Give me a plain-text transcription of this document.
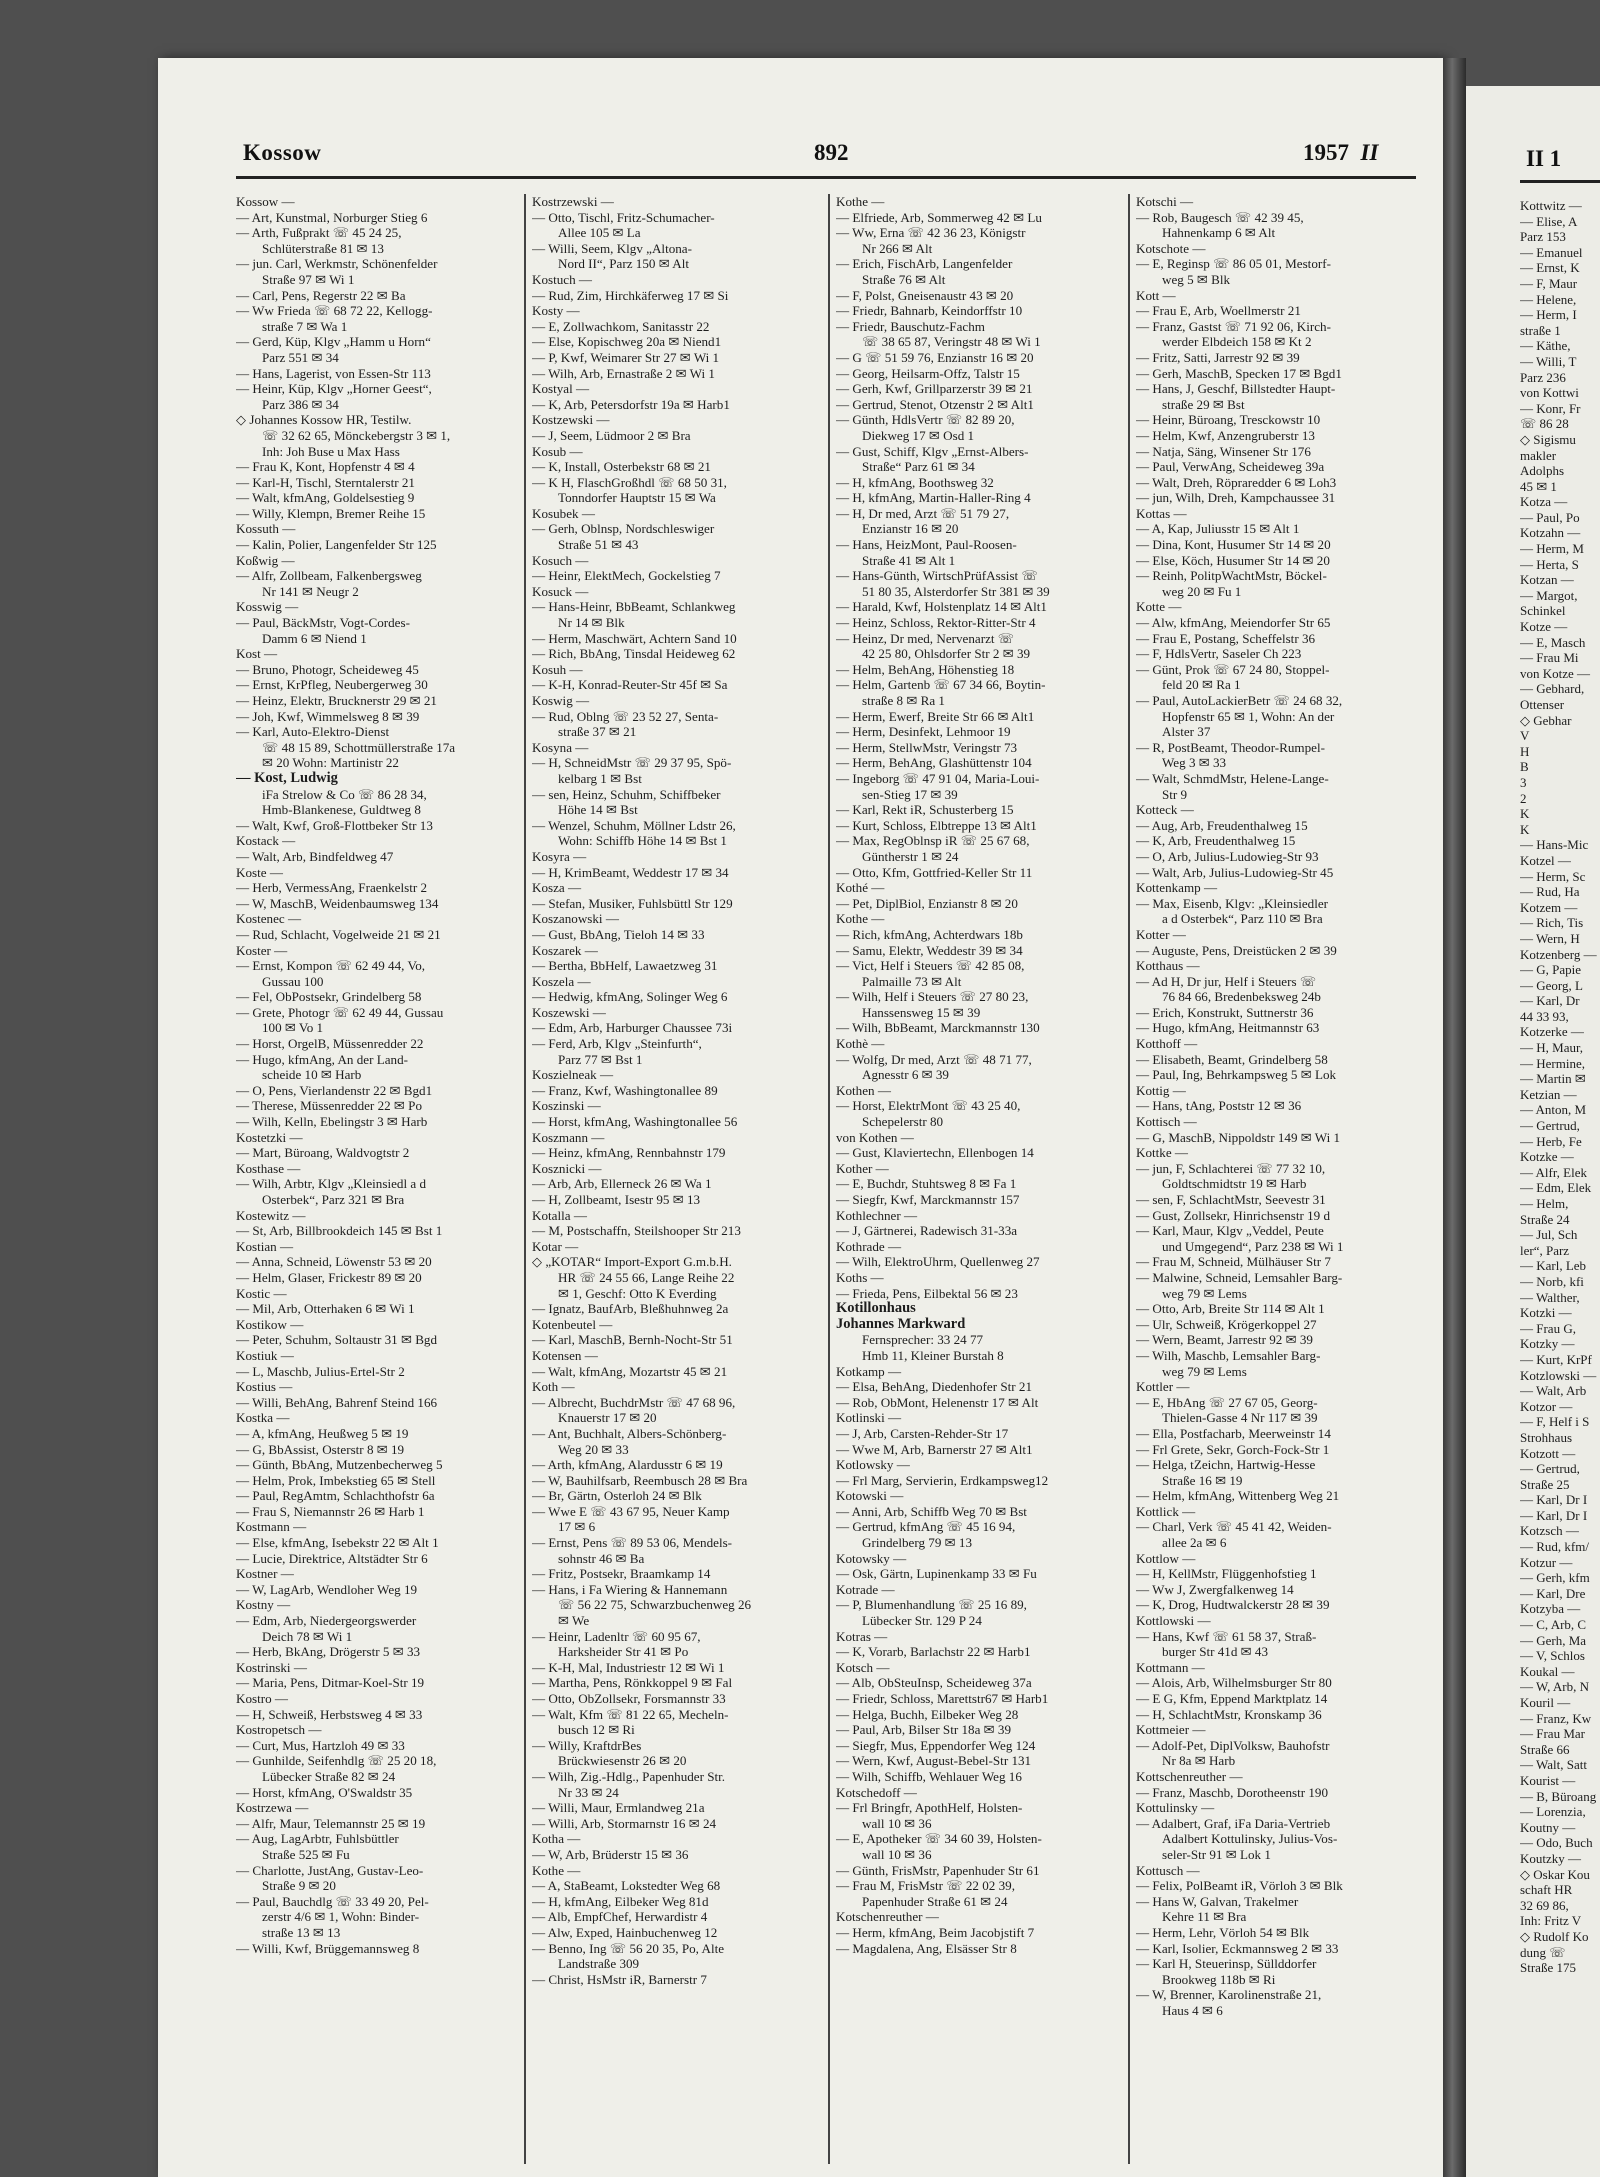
Kossow	892	1957 II
Kossow —
— Art, Kunstmal, Norburger Stieg 6
— Arth, Fußprakt ☏ 45 24 25,
Schlüterstraße 81 ✉ 13
— jun. Carl, Werkmstr, Schönenfelder
Straße 97 ✉ Wi 1
— Carl, Pens, Regerstr 22 ✉ Ba
— Ww Frieda ☏ 68 72 22, Kellogg-
straße 7 ✉ Wa 1
— Gerd, Küp, Klgv „Hamm u Horn“
Parz 551 ✉ 34
— Hans, Lagerist, von Essen-Str 113
— Heinr, Küp, Klgv „Horner Geest“,
Parz 386 ✉ 34
◇ Johannes Kossow HR, Testilw.
☏ 32 62 65, Mönckebergstr 3 ✉ 1,
Inh: Joh Buse u Max Hass
— Frau K, Kont, Hopfenstr 4 ✉ 4
— Karl-H, Tischl, Sterntalerstr 21
— Walt, kfmAng, Goldelsestieg 9
— Willy, Klempn, Bremer Reihe 15
Kossuth —
— Kalin, Polier, Langenfelder Str 125
Koßwig —
— Alfr, Zollbeam, Falkenbergsweg
Nr 141 ✉ Neugr 2
Kosswig —
— Paul, BäckMstr, Vogt-Cordes-
Damm 6 ✉ Niend 1
Kost —
— Bruno, Photogr, Scheideweg 45
— Ernst, KrPfleg, Neubergerweg 30
— Heinz, Elektr, Brucknerstr 29 ✉ 21
— Joh, Kwf, Wimmelsweg 8 ✉ 39
— Karl, Auto-Elektro-Dienst
☏ 48 15 89, Schottmüllerstraße 17a
✉ 20 Wohn: Martinistr 22
— Kost, Ludwig
iFa Strelow & Co ☏ 86 28 34,
Hmb-Blankenese, Guldtweg 8
— Walt, Kwf, Groß-Flottbeker Str 13
Kostack —
— Walt, Arb, Bindfeldweg 47
Koste —
— Herb, VermessAng, Fraenkelstr 2
— W, MaschB, Weidenbaumsweg 134
Kostenec —
— Rud, Schlacht, Vogelweide 21 ✉ 21
Koster —
— Ernst, Kompon ☏ 62 49 44, Vo,
Gussau 100
— Fel, ObPostsekr, Grindelberg 58
— Grete, Photogr ☏ 62 49 44, Gussau
100 ✉ Vo 1
— Horst, OrgelB, Müssenredder 22
— Hugo, kfmAng, An der Land-
scheide 10 ✉ Harb
— O, Pens, Vierlandenstr 22 ✉ Bgd1
— Therese, Müssenredder 22 ✉ Po
— Wilh, Kelln, Ebelingstr 3 ✉ Harb
Kostetzki —
— Mart, Büroang, Waldvogtstr 2
Kosthase —
— Wilh, Arbtr, Klgv „Kleinsiedl a d
Osterbek“, Parz 321 ✉ Bra
Kostewitz —
— St, Arb, Billbrookdeich 145 ✉ Bst 1
Kostian —
— Anna, Schneid, Löwenstr 53 ✉ 20
— Helm, Glaser, Frickestr 89 ✉ 20
Kostic —
— Mil, Arb, Otterhaken 6 ✉ Wi 1
Kostikow —
— Peter, Schuhm, Soltaustr 31 ✉ Bgd
Kostiuk —
— L, Maschb, Julius-Ertel-Str 2
Kostius —
— Willi, BehAng, Bahrenf Steind 166
Kostka —
— A, kfmAng, Heußweg 5 ✉ 19
— G, BbAssist, Osterstr 8 ✉ 19
— Günth, BbAng, Mutzenbecherweg 5
— Helm, Prok, Imbekstieg 65 ✉ Stell
— Paul, RegAmtm, Schlachthofstr 6a
— Frau S, Niemannstr 26 ✉ Harb 1
Kostmann —
— Else, kfmAng, Isebekstr 22 ✉ Alt 1
— Lucie, Direktrice, Altstädter Str 6
Kostner —
— W, LagArb, Wendloher Weg 19
Kostny —
— Edm, Arb, Niedergeorgswerder
Deich 78 ✉ Wi 1
— Herb, BkAng, Drögerstr 5 ✉ 33
Kostrinski —
— Maria, Pens, Ditmar-Koel-Str 19
Kostro —
— H, Schweiß, Herbstsweg 4 ✉ 33
Kostropetsch —
— Curt, Mus, Hartzloh 49 ✉ 33
— Gunhilde, Seifenhdlg ☏ 25 20 18,
Lübecker Straße 82 ✉ 24
— Horst, kfmAng, O'Swaldstr 35
Kostrzewa —
— Alfr, Maur, Telemannstr 25 ✉ 19
— Aug, LagArbtr, Fuhlsbüttler
Straße 525 ✉ Fu
— Charlotte, JustAng, Gustav-Leo-
Straße 9 ✉ 20
— Paul, Bauchdlg ☏ 33 49 20, Pel-
zerstr 4/6 ✉ 1, Wohn: Binder-
straße 13 ✉ 13
— Willi, Kwf, Brüggemannsweg 8
Kostrzewski —
— Otto, Tischl, Fritz-Schumacher-
Allee 105 ✉ La
— Willi, Seem, Klgv „Altona-
Nord II“, Parz 150 ✉ Alt
Kostuch —
— Rud, Zim, Hirchkäferweg 17 ✉ Si
Kosty —
— E, Zollwachkom, Sanitasstr 22
— Else, Kopischweg 20a ✉ Niend1
— P, Kwf, Weimarer Str 27 ✉ Wi 1
— Wilh, Arb, Ernastraße 2 ✉ Wi 1
Kostyal —
— K, Arb, Petersdorfstr 19a ✉ Harb1
Kostzewski —
— J, Seem, Lüdmoor 2 ✉ Bra
Kosub —
— K, Install, Osterbekstr 68 ✉ 21
— K H, FlaschGroßhdl ☏ 68 50 31,
Tonndorfer Hauptstr 15 ✉ Wa
Kosubek —
— Gerh, Oblnsp, Nordschleswiger
Straße 51 ✉ 43
Kosuch —
— Heinr, ElektMech, Gockelstieg 7
Kosuck —
— Hans-Heinr, BbBeamt, Schlankweg
Nr 14 ✉ Blk
— Herm, Maschwärt, Achtern Sand 10
— Rich, BbAng, Tinsdal Heideweg 62
Kosuh —
— K-H, Konrad-Reuter-Str 45f ✉ Sa
Koswig —
— Rud, Oblng ☏ 23 52 27, Senta-
straße 37 ✉ 21
Kosyna —
— H, SchneidMstr ☏ 29 37 95, Spö-
kelbarg 1 ✉ Bst
— sen, Heinz, Schuhm, Schiffbeker
Höhe 14 ✉ Bst
— Wenzel, Schuhm, Möllner Ldstr 26,
Wohn: Schiffb Höhe 14 ✉ Bst 1
Kosyra —
— H, KrimBeamt, Weddestr 17 ✉ 34
Kosza —
— Stefan, Musiker, Fuhlsbüttl Str 129
Koszanowski —
— Gust, BbAng, Tieloh 14 ✉ 33
Koszarek —
— Bertha, BbHelf, Lawaetzweg 31
Koszela —
— Hedwig, kfmAng, Solinger Weg 6
Koszewski —
— Edm, Arb, Harburger Chaussee 73i
— Ferd, Arb, Klgv „Steinfurth“,
Parz 77 ✉ Bst 1
Koszielneak —
— Franz, Kwf, Washingtonallee 89
Koszinski —
— Horst, kfmAng, Washingtonallee 56
Koszmann —
— Heinz, kfmAng, Rennbahnstr 179
Kosznicki —
— Arb, Arb, Ellerneck 26 ✉ Wa 1
— H, Zollbeamt, Isestr 95 ✉ 13
Kotalla —
— M, Postschaffn, Steilshooper Str 213
Kotar —
◇ „KOTAR“ Import-Export G.m.b.H.
HR ☏ 24 55 66, Lange Reihe 22
✉ 1, Geschf: Otto K Everding
— Ignatz, BaufArb, Bleßhuhnweg 2a
Kotenbeutel —
— Karl, MaschB, Bernh-Nocht-Str 51
Kotensen —
— Walt, kfmAng, Mozartstr 45 ✉ 21
Koth —
— Albrecht, BuchdrMstr ☏ 47 68 96,
Knauerstr 17 ✉ 20
— Ant, Buchhalt, Albers-Schönberg-
Weg 20 ✉ 33
— Arth, kfmAng, Alardusstr 6 ✉ 19
— W, Bauhilfsarb, Reembusch 28 ✉ Bra
— Br, Gärtn, Osterloh 24 ✉ Blk
— Wwe E ☏ 43 67 95, Neuer Kamp
17 ✉ 6
— Ernst, Pens ☏ 89 53 06, Mendels-
sohnstr 46 ✉ Ba
— Fritz, Postsekr, Braamkamp 14
— Hans, i Fa Wiering & Hannemann
☏ 56 22 75, Schwarzbuchenweg 26
✉ We
— Heinr, Ladenltr ☏ 60 95 67,
Harksheider Str 41 ✉ Po
— K-H, Mal, Industriestr 12 ✉ Wi 1
— Martha, Pens, Rönkkoppel 9 ✉ Fal
— Otto, ObZollsekr, Forsmannstr 33
— Walt, Kfm ☏ 81 22 65, Mecheln-
busch 12 ✉ Ri
— Willy, KraftdrBes
Brückwiesenstr 26 ✉ 20
— Wilh, Zig.-Hdlg., Papenhuder Str.
Nr 33 ✉ 24
— Willi, Maur, Ermlandweg 21a
— Willi, Arb, Stormarnstr 16 ✉ 24
Kotha —
— W, Arb, Brüderstr 15 ✉ 36
Kothe —
— A, StaBeamt, Lokstedter Weg 68
— H, kfmAng, Eilbeker Weg 81d
— Alb, EmpfChef, Herwardistr 4
— Alw, Exped, Hainbuchenweg 12
— Benno, Ing ☏ 56 20 35, Po, Alte
Landstraße 309
— Christ, HsMstr iR, Barnerstr 7
Kothe —
— Elfriede, Arb, Sommerweg 42 ✉ Lu
— Ww, Erna ☏ 42 36 23, Königstr
Nr 266 ✉ Alt
— Erich, FischArb, Langenfelder
Straße 76 ✉ Alt
— F, Polst, Gneisenaustr 43 ✉ 20
— Friedr, Bahnarb, Keindorffstr 10
— Friedr, Bauschutz-Fachm
☏ 38 65 87, Veringstr 48 ✉ Wi 1
— G ☏ 51 59 76, Enzianstr 16 ✉ 20
— Georg, Heilsarm-Offz, Talstr 15
— Gerh, Kwf, Grillparzerstr 39 ✉ 21
— Gertrud, Stenot, Otzenstr 2 ✉ Alt1
— Günth, HdlsVertr ☏ 82 89 20,
Diekweg 17 ✉ Osd 1
— Gust, Schiff, Klgv „Ernst-Albers-
Straße“ Parz 61 ✉ 34
— H, kfmAng, Boothsweg 32
— H, kfmAng, Martin-Haller-Ring 4
— H, Dr med, Arzt ☏ 51 79 27,
Enzianstr 16 ✉ 20
— Hans, HeizMont, Paul-Roosen-
Straße 41 ✉ Alt 1
— Hans-Günth, WirtschPrüfAssist ☏
51 80 35, Alsterdorfer Str 381 ✉ 39
— Harald, Kwf, Holstenplatz 14 ✉ Alt1
— Heinz, Schloss, Rektor-Ritter-Str 4
— Heinz, Dr med, Nervenarzt ☏
42 25 80, Ohlsdorfer Str 2 ✉ 39
— Helm, BehAng, Höhenstieg 18
— Helm, Gartenb ☏ 67 34 66, Boytin-
straße 8 ✉ Ra 1
— Herm, Ewerf, Breite Str 66 ✉ Alt1
— Herm, Desinfekt, Lehmoor 19
— Herm, StellwMstr, Veringstr 73
— Herm, BehAng, Glashüttenstr 104
— Ingeborg ☏ 47 91 04, Maria-Loui-
sen-Stieg 17 ✉ 39
— Karl, Rekt iR, Schusterberg 15
— Kurt, Schloss, Elbtreppe 13 ✉ Alt1
— Max, RegOblnsp iR ☏ 25 67 68,
Güntherstr 1 ✉ 24
— Otto, Kfm, Gottfried-Keller Str 11
Kothé —
— Pet, DiplBiol, Enzianstr 8 ✉ 20
Kothe —
— Rich, kfmAng, Achterdwars 18b
— Samu, Elektr, Weddestr 39 ✉ 34
— Vict, Helf i Steuers ☏ 42 85 08,
Palmaille 73 ✉ Alt
— Wilh, Helf i Steuers ☏ 27 80 23,
Hanssensweg 15 ✉ 39
— Wilh, BbBeamt, Marckmannstr 130
Kothè —
— Wolfg, Dr med, Arzt ☏ 48 71 77,
Agnesstr 6 ✉ 39
Kothen —
— Horst, ElektrMont ☏ 43 25 40,
Schepelerstr 80
von Kothen —
— Gust, Klaviertechn, Ellenbogen 14
Kother —
— E, Buchdr, Stuhtsweg 8 ✉ Fa 1
— Siegfr, Kwf, Marckmannstr 157
Kothlechner —
— J, Gärtnerei, Radewisch 31-33a
Kothrade —
— Wilh, ElektroUhrm, Quellenweg 27
Koths —
— Frieda, Pens, Eilbektal 56 ✉ 23
Kotillonhaus
Johannes Markward
Fernsprecher: 33 24 77
Hmb 11, Kleiner Burstah 8
Kotkamp —
— Elsa, BehAng, Diedenhofer Str 21
— Rob, ObMont, Helenenstr 17 ✉ Alt
Kotlinski —
— J, Arb, Carsten-Rehder-Str 17
— Wwe M, Arb, Barnerstr 27 ✉ Alt1
Kotlowsky —
— Frl Marg, Servierin, Erdkampsweg12
Kotowski —
— Anni, Arb, Schiffb Weg 70 ✉ Bst
— Gertrud, kfmAng ☏ 45 16 94,
Grindelberg 79 ✉ 13
Kotowsky —
— Osk, Gärtn, Lupinenkamp 33 ✉ Fu
Kotrade —
— P, Blumenhandlung ☏ 25 16 89,
Lübecker Str. 129 P 24
Kotras —
— K, Vorarb, Barlachstr 22 ✉ Harb1
Kotsch —
— Alb, ObSteuInsp, Scheideweg 37a
— Friedr, Schloss, Marettstr67 ✉ Harb1
— Helga, Buchh, Eilbeker Weg 28
— Paul, Arb, Bilser Str 18a ✉ 39
— Siegfr, Mus, Eppendorfer Weg 124
— Wern, Kwf, August-Bebel-Str 131
— Wilh, Schiffb, Wehlauer Weg 16
Kotschedoff —
— Frl Bringfr, ApothHelf, Holsten-
wall 10 ✉ 36
— E, Apotheker ☏ 34 60 39, Holsten-
wall 10 ✉ 36
— Günth, FrisMstr, Papenhuder Str 61
— Frau M, FrisMstr ☏ 22 02 39,
Papenhuder Straße 61 ✉ 24
Kotschenreuther —
— Herm, kfmAng, Beim Jacobjstift 7
— Magdalena, Ang, Elsässer Str 8
Kotschi —
— Rob, Baugesch ☏ 42 39 45,
Hahnenkamp 6 ✉ Alt
Kotschote —
— E, Reginsp ☏ 86 05 01, Mestorf-
weg 5 ✉ Blk
Kott —
— Frau E, Arb, Woellmerstr 21
— Franz, Gastst ☏ 71 92 06, Kirch-
werder Elbdeich 158 ✉ Kt 2
— Fritz, Satti, Jarrestr 92 ✉ 39
— Gerh, MaschB, Specken 17 ✉ Bgd1
— Hans, J, Geschf, Billstedter Haupt-
straße 29 ✉ Bst
— Heinr, Büroang, Tresckowstr 10
— Helm, Kwf, Anzengruberstr 13
— Natja, Säng, Winsener Str 176
— Paul, VerwAng, Scheideweg 39a
— Walt, Dreh, Röpraredder 6 ✉ Loh3
— jun, Wilh, Dreh, Kampchaussee 31
Kottas —
— A, Kap, Juliusstr 15 ✉ Alt 1
— Dina, Kont, Husumer Str 14 ✉ 20
— Else, Köch, Husumer Str 14 ✉ 20
— Reinh, PolitpWachtMstr, Böckel-
weg 20 ✉ Fu 1
Kotte —
— Alw, kfmAng, Meiendorfer Str 65
— Frau E, Postang, Scheffelstr 36
— F, HdlsVertr, Saseler Ch 223
— Günt, Prok ☏ 67 24 80, Stoppel-
feld 20 ✉ Ra 1
— Paul, AutoLackierBetr ☏ 24 68 32,
Hopfenstr 65 ✉ 1, Wohn: An der
Alster 37
— R, PostBeamt, Theodor-Rumpel-
Weg 3 ✉ 33
— Walt, SchmdMstr, Helene-Lange-
Str 9
Kotteck —
— Aug, Arb, Freudenthalweg 15
— K, Arb, Freudenthalweg 15
— O, Arb, Julius-Ludowieg-Str 93
— Walt, Arb, Julius-Ludowieg-Str 45
Kottenkamp —
— Max, Eisenb, Klgv: „Kleinsiedler
a d Osterbek“, Parz 110 ✉ Bra
Kotter —
— Auguste, Pens, Dreistücken 2 ✉ 39
Kotthaus —
— Ad H, Dr jur, Helf i Steuers ☏
76 84 66, Bredenbeksweg 24b
— Erich, Konstrukt, Suttnerstr 36
— Hugo, kfmAng, Heitmannstr 63
Kotthoff —
— Elisabeth, Beamt, Grindelberg 58
— Paul, Ing, Behrkampsweg 5 ✉ Lok
Kottig —
— Hans, tAng, Poststr 12 ✉ 36
Kottisch —
— G, MaschB, Nippoldstr 149 ✉ Wi 1
Kottke —
— jun, F, Schlachterei ☏ 77 32 10,
Goldtschmidtstr 19 ✉ Harb
— sen, F, SchlachtMstr, Seevestr 31
— Gust, Zollsekr, Hinrichsenstr 19 d
— Karl, Maur, Klgv „Veddel, Peute
und Umgegend“, Parz 238 ✉ Wi 1
— Frau M, Schneid, Mülhäuser Str 7
— Malwine, Schneid, Lemsahler Barg-
weg 79 ✉ Lems
— Otto, Arb, Breite Str 114 ✉ Alt 1
— Ulr, Schweiß, Krögerkoppel 27
— Wern, Beamt, Jarrestr 92 ✉ 39
— Wilh, Maschb, Lemsahler Barg-
weg 79 ✉ Lems
Kottler —
— E, HbAng ☏ 27 67 05, Georg-
Thielen-Gasse 4 Nr 117 ✉ 39
— Ella, Postfacharb, Meerweinstr 14
— Frl Grete, Sekr, Gorch-Fock-Str 1
— Helga, tZeichn, Hartwig-Hesse
Straße 16 ✉ 19
— Helm, kfmAng, Wittenberg Weg 21
Kottlick —
— Charl, Verk ☏ 45 41 42, Weiden-
allee 2a ✉ 6
Kottlow —
— H, KellMstr, Flüggenhofstieg 1
— Ww J, Zwergfalkenweg 14
— K, Drog, Hudtwalckerstr 28 ✉ 39
Kottlowski —
— Hans, Kwf ☏ 61 58 37, Straß-
burger Str 41d ✉ 43
Kottmann —
— Alois, Arb, Wilhelmsburger Str 80
— E G, Kfm, Eppend Marktplatz 14
— H, SchlachtMstr, Kronskamp 36
Kottmeier —
— Adolf-Pet, DiplVolksw, Bauhofstr
Nr 8a ✉ Harb
Kottschenreuther —
— Franz, Maschb, Dorotheenstr 190
Kottulinsky —
— Adalbert, Graf, iFa Daria-Vertrieb
Adalbert Kottulinsky, Julius-Vos-
seler-Str 91 ✉ Lok 1
Kottusch —
— Felix, PolBeamt iR, Vörloh 3 ✉ Blk
— Hans W, Galvan, Trakelmer
Kehre 11 ✉ Bra
— Herm, Lehr, Vörloh 54 ✉ Blk
— Karl, Isolier, Eckmannsweg 2 ✉ 33
— Karl H, Steuerinsp, Süllddorfer
Brookweg 118b ✉ Ri
— W, Brenner, Karolinenstraße 21,
Haus 4 ✉ 6
II 1
Kottwitz —
— Elise, A
Parz 153
— Emanuel
— Ernst, K
— F, Maur
— Helene,
— Herm, I
straße 1
— Käthe,
— Willi, T
Parz 236
von Kottwi
— Konr, Fr
☏ 86 28
◇ Sigismu
makler
Adolphs
45 ✉ 1
Kotza —
— Paul, Po
Kotzahn —
— Herm, M
— Herta, S
Kotzan —
— Margot,
Schinkel
Kotze —
— E, Masch
— Frau Mi
von Kotze —
— Gebhard,
Ottenser
◇ Gebhar
V
H
B
3
2
K
K
— Hans-Mic
Kotzel —
— Herm, Sc
— Rud, Ha
Kotzem —
— Rich, Tis
— Wern, H
Kotzenberg —
— G, Papie
— Georg, L
— Karl, Dr
44 33 93,
Kotzerke —
— H, Maur,
— Hermine,
— Martin ✉
Ketzian —
— Anton, M
— Gertrud,
— Herb, Fe
Kotzke —
— Alfr, Elek
— Edm, Elek
— Helm,
Straße 24
— Jul, Sch
ler“, Parz
— Karl, Leb
— Norb, kfi
— Walther,
Kotzki —
— Frau G,
Kotzky —
— Kurt, KrPf
Kotzlowski —
— Walt, Arb
Kotzor —
— F, Helf i S
Strohhaus
Kotzott —
— Gertrud,
Straße 25
— Karl, Dr I
— Karl, Dr I
Kotzsch —
— Rud, kfm/
Kotzur —
— Gerh, kfm
— Karl, Dre
Kotzyba —
— C, Arb, C
— Gerh, Ma
— V, Schlos
Koukal —
— W, Arb, N
Kouril —
— Franz, Kw
— Frau Mar
Straße 66
— Walt, Satt
Kourist —
— B, Büroang
— Lorenzia,
Koutny —
— Odo, Buch
Koutzky —
◇ Oskar Kou
schaft HR
32 69 86,
Inh: Fritz V
◇ Rudolf Ko
dung ☏
Straße 175
